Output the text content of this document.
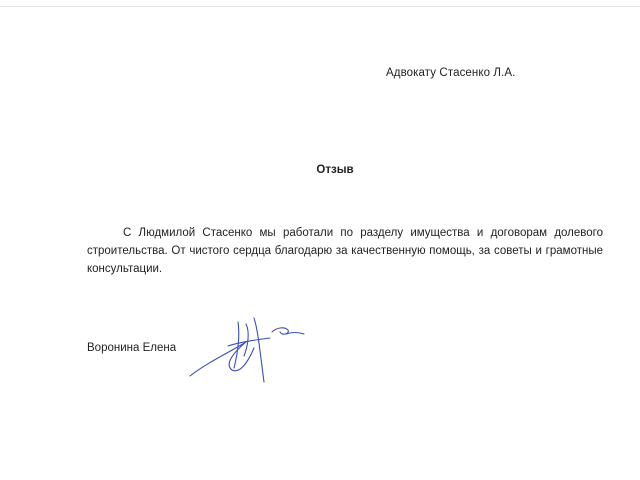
Адвокату Стасенко Л.А.
Отзыв

С Людмилой Стасенко мы работали по разделу имущества и договорам долевого строительства. От чистого сердца благодарю за качественную помощь, за советы и грамотные консультации.

Воронина Елена
